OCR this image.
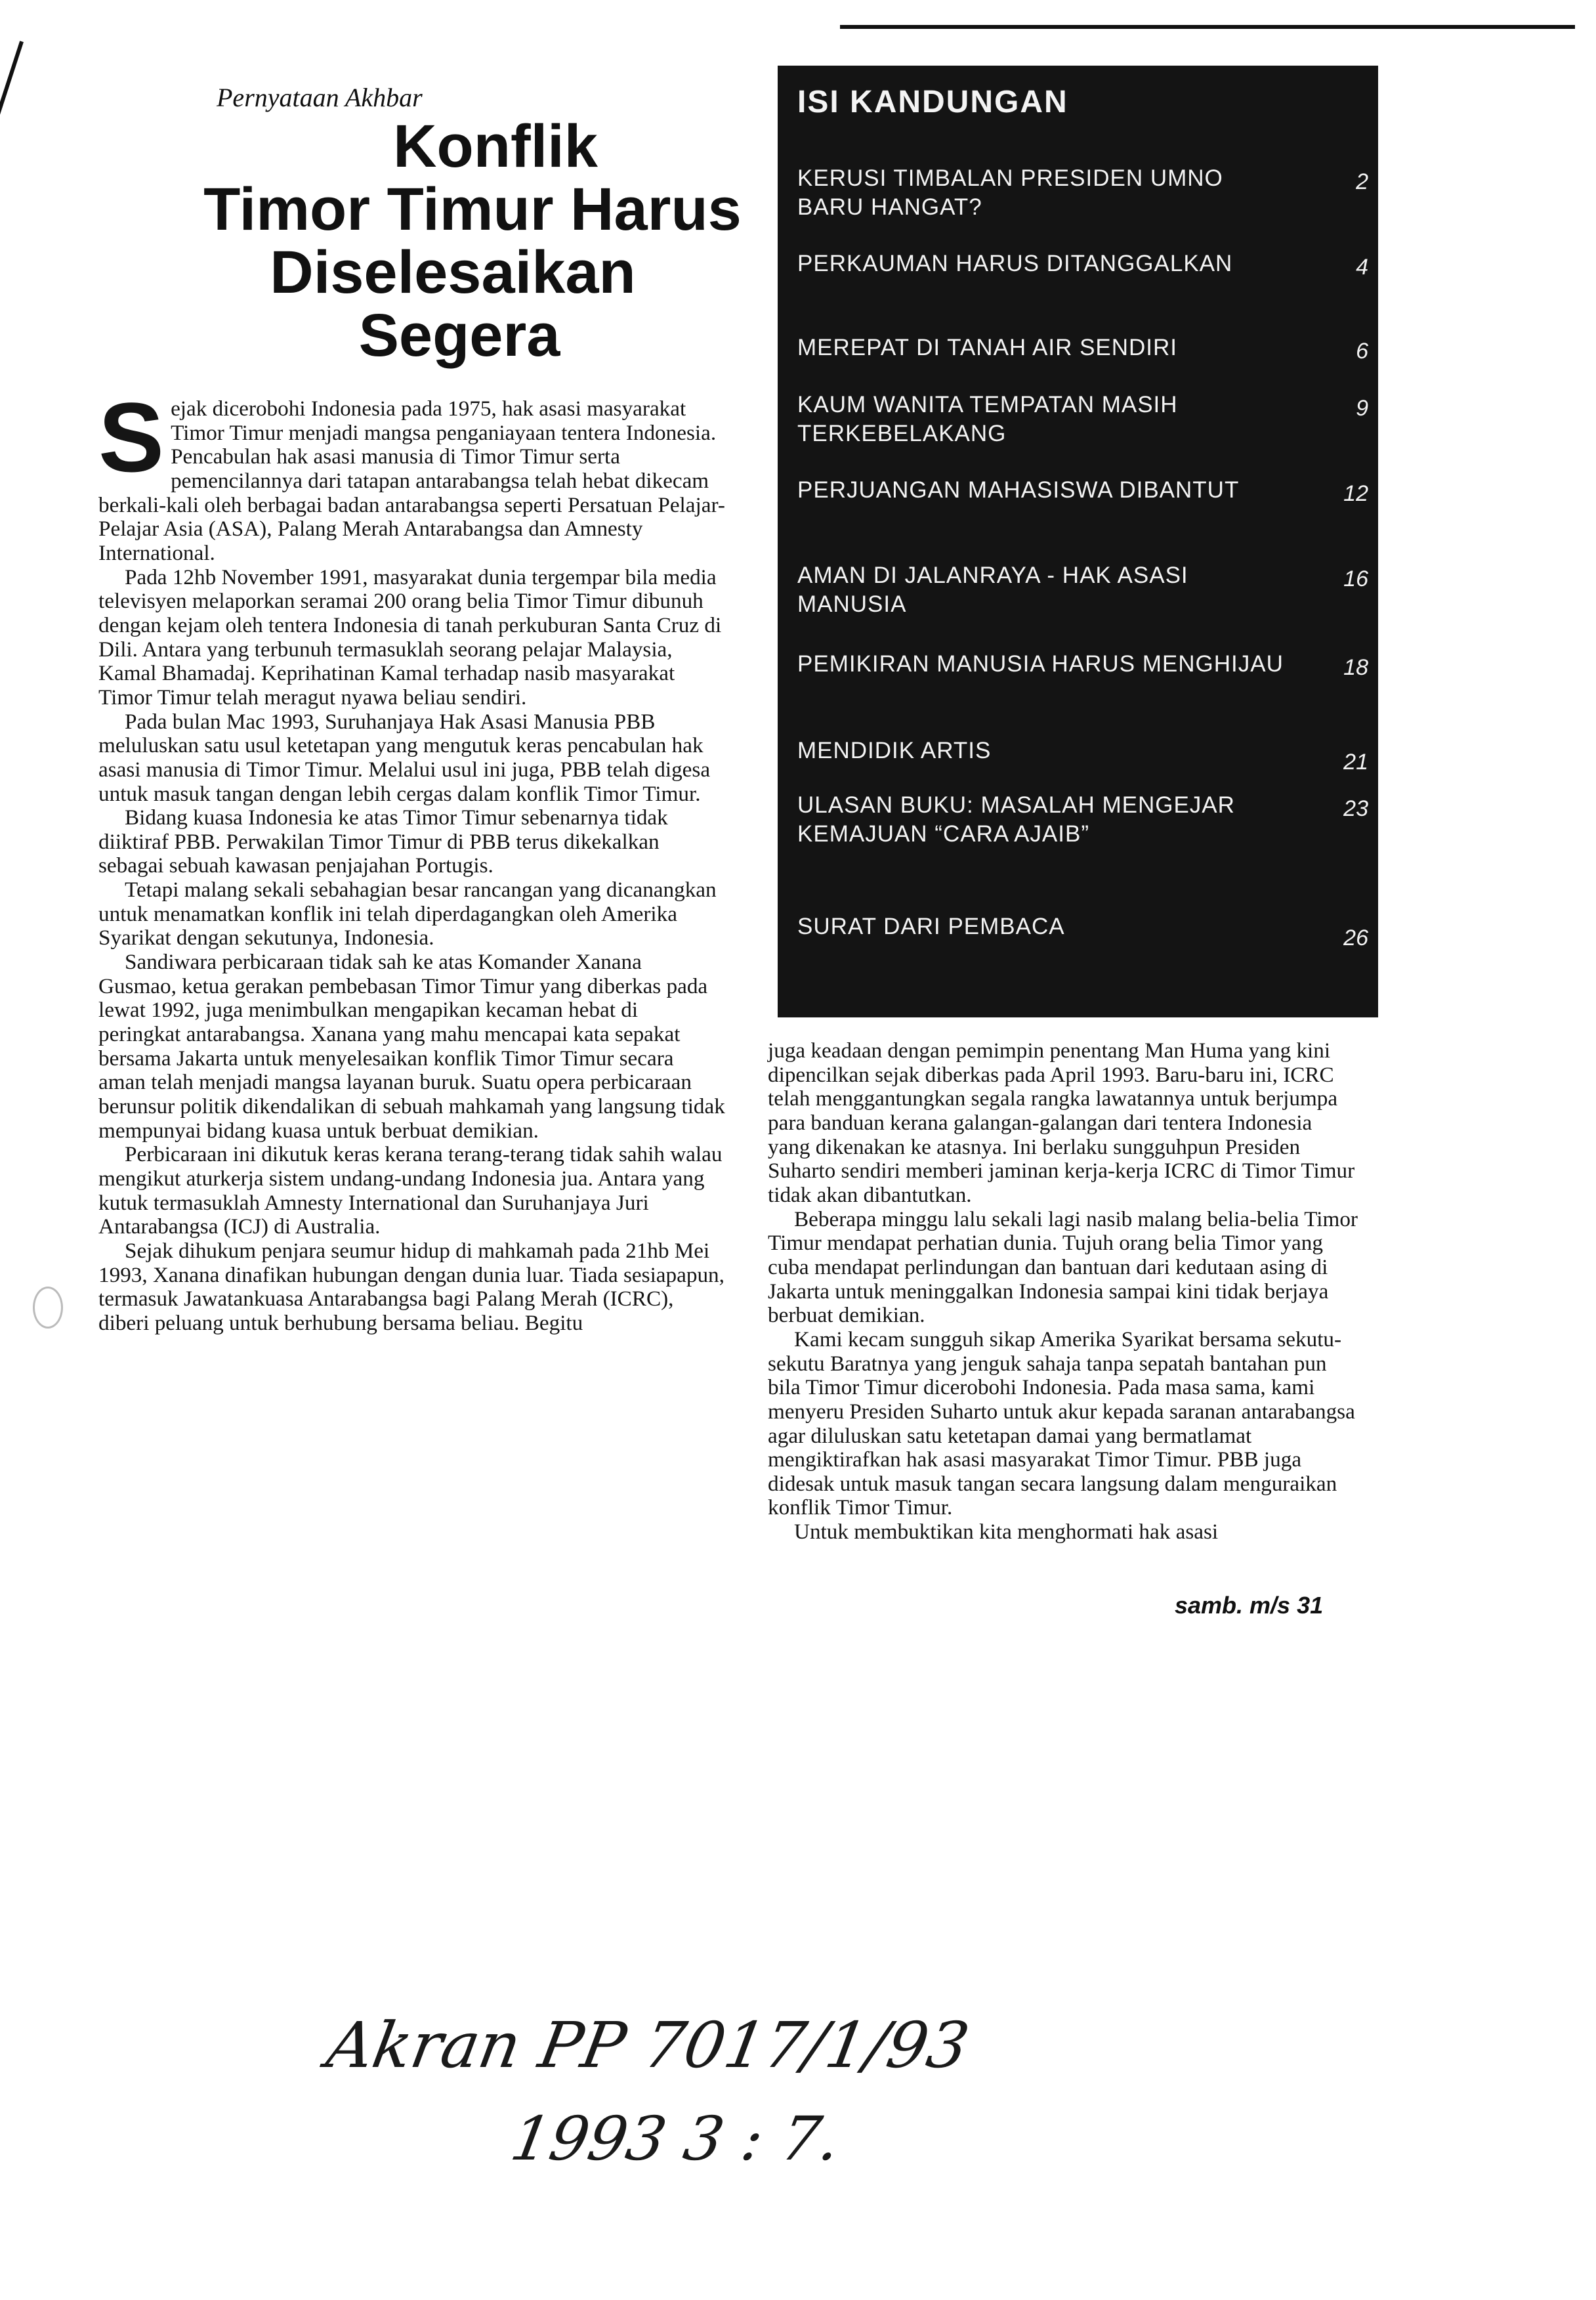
Pernyataan Akhbar
Konflik
Timor Timur Harus
Diselesaikan
Segera

Sejak dicerobohi Indonesia pada 1975, hak asasi masyarakat Timor Timur menjadi mangsa penganiayaan tentera Indonesia. Pencabulan hak asasi manusia di Timor Timur serta pemencilannya dari tatapan antarabangsa telah hebat dikecam berkali-kali oleh berbagai badan antarabangsa seperti Persatuan Pelajar-Pelajar Asia (ASA), Palang Merah Antarabangsa dan Amnesty International.

Pada 12hb November 1991, masyarakat dunia tergempar bila media televisyen melaporkan seramai 200 orang belia Timor Timur dibunuh dengan kejam oleh tentera Indonesia di tanah perkuburan Santa Cruz di Dili. Antara yang terbunuh termasuklah seorang pelajar Malaysia, Kamal Bhamadaj. Keprihatinan Kamal terhadap nasib masyarakat Timor Timur telah meragut nyawa beliau sendiri.

Pada bulan Mac 1993, Suruhanjaya Hak Asasi Manusia PBB meluluskan satu usul ketetapan yang mengutuk keras pencabulan hak asasi manusia di Timor Timur. Melalui usul ini juga, PBB telah digesa untuk masuk tangan dengan lebih cergas dalam konflik Timor Timur.

Bidang kuasa Indonesia ke atas Timor Timur sebenarnya tidak diiktiraf PBB. Perwakilan Timor Timur di PBB terus dikekalkan sebagai sebuah kawasan penjajahan Portugis.

Tetapi malang sekali sebahagian besar rancangan yang dicanangkan untuk menamatkan konflik ini telah diperdagangkan oleh Amerika Syarikat dengan sekutunya, Indonesia.

Sandiwara perbicaraan tidak sah ke atas Komander Xanana Gusmao, ketua gerakan pembebasan Timor Timur yang diberkas pada lewat 1992, juga menimbulkan mengapikan kecaman hebat di peringkat antarabangsa. Xanana yang mahu mencapai kata sepakat bersama Jakarta untuk menyelesaikan konflik Timor Timur secara aman telah menjadi mangsa layanan buruk. Suatu opera perbicaraan berunsur politik dikendalikan di sebuah mahkamah yang langsung tidak mempunyai bidang kuasa untuk berbuat demikian.

Perbicaraan ini dikutuk keras kerana terang-terang tidak sahih walau mengikut aturkerja sistem undang-undang Indonesia jua. Antara yang kutuk termasuklah Amnesty International dan Suruhanjaya Juri Antarabangsa (ICJ) di Australia.

Sejak dihukum penjara seumur hidup di mahkamah pada 21hb Mei 1993, Xanana dinafikan hubungan dengan dunia luar. Tiada sesiapapun, termasuk Jawatankuasa Antarabangsa bagi Palang Merah (ICRC), diberi peluang untuk berhubung bersama beliau. Begitu

ISI KANDUNGAN
KERUSI TIMBALAN PRESIDEN UMNO BARU HANGAT?
2
PERKAUMAN HARUS DITANGGALKAN	4
MEREPAT DI TANAH AIR SENDIRI	6
KAUM WANITA TEMPATAN MASIH TERKEBELAKANG
9
PERJUANGAN MAHASISWA DIBANTUT	12
AMAN DI JALANRAYA - HAK ASASI MANUSIA
16
PEMIKIRAN MANUSIA HARUS MENGHIJAU	18
MENDIDIK ARTIS	21
ULASAN BUKU: MASALAH MENGEJAR KEMAJUAN “CARA AJAIB”
23
SURAT DARI PEMBACA	26

juga keadaan dengan pemimpin penentang Man Huma yang kini dipencilkan sejak diberkas pada April 1993. Baru-baru ini, ICRC telah menggantungkan segala rangka lawatannya untuk berjumpa para banduan kerana galangan-galangan dari tentera Indonesia yang dikenakan ke atasnya. Ini berlaku sungguhpun Presiden Suharto sendiri memberi jaminan kerja-kerja ICRC di Timor Timur tidak akan dibantutkan.

Beberapa minggu lalu sekali lagi nasib malang belia-belia Timor Timur mendapat perhatian dunia. Tujuh orang belia Timor yang cuba mendapat perlindungan dan bantuan dari kedutaan asing di Jakarta untuk meninggalkan Indonesia sampai kini tidak berjaya berbuat demikian.

Kami kecam sungguh sikap Amerika Syarikat bersama sekutu-sekutu Baratnya yang jenguk sahaja tanpa sepatah bantahan pun bila Timor Timur dicerobohi Indonesia. Pada masa sama, kami menyeru Presiden Suharto untuk akur kepada saranan antarabangsa agar diluluskan satu ketetapan damai yang bermatlamat mengiktirafkan hak asasi masyarakat Timor Timur. PBB juga didesak untuk masuk tangan secara langsung dalam menguraikan konflik Timor Timur.

Untuk membuktikan kita menghormati hak asasi

samb. m/s 31
Akran PP 7017/1/93
1993 3 : 7.
